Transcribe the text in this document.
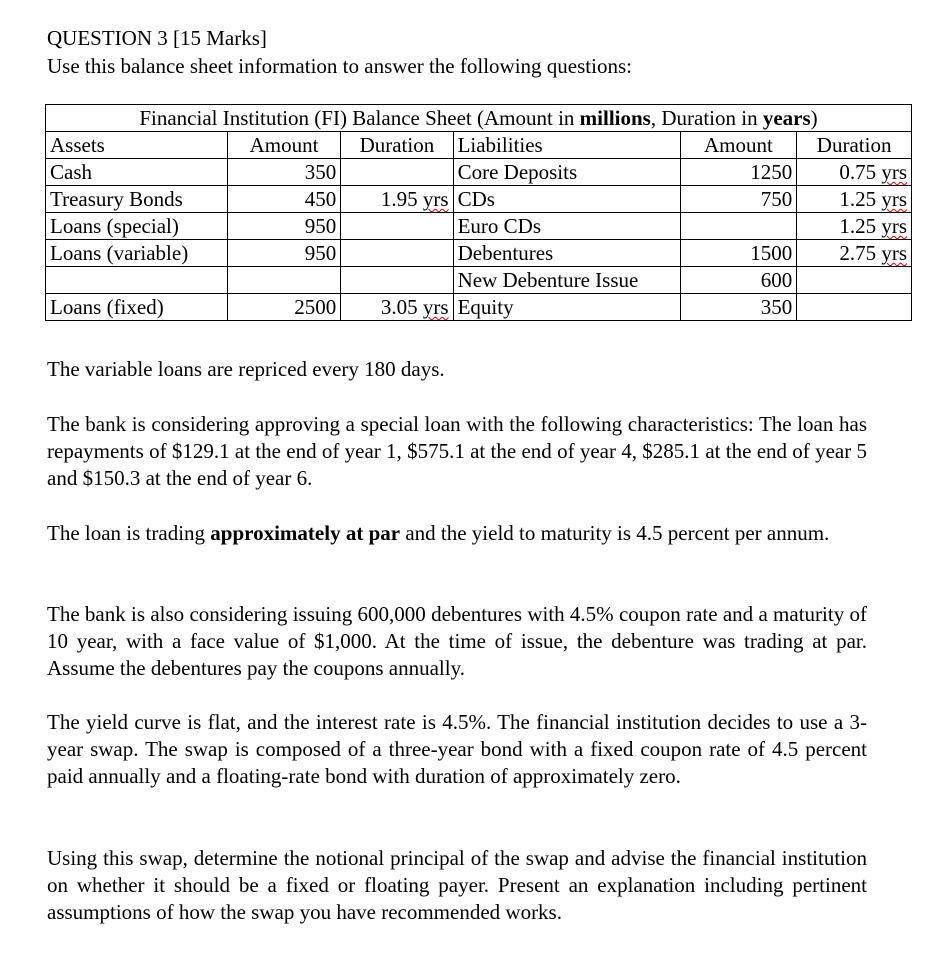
QUESTION 3 [15 Marks]

Use this balance sheet information to answer the following questions:

Financial Institution (FI) Balance Sheet (Amount in millions, Duration in years)					
Assets	Amount	Duration	Liabilities	Amount	Duration
Cash	350		Core Deposits	1250	0.75 yrs
Treasury Bonds	450	1.95 yrs	CDs	750	1.25 yrs
Loans (special)	950		Euro CDs		1.25 yrs
Loans (variable)	950		Debentures	1500	2.75 yrs
			New Debenture Issue	600	
Loans (fixed)	2500	3.05 yrs	Equity	350	

The variable loans are repriced every 180 days.

The bank is considering approving a special loan with the following characteristics: The loan has repayments of $129.1 at the end of year 1, $575.1 at the end of year 4, $285.1 at the end of year 5 and $150.3 at the end of year 6.

The loan is trading approximately at par and the yield to maturity is 4.5 percent per annum.

The bank is also considering issuing 600,000 debentures with 4.5% coupon rate and a maturity of 10 year, with a face value of $1,000. At the time of issue, the debenture was trading at par. Assume the debentures pay the coupons annually.

The yield curve is flat, and the interest rate is 4.5%. The financial institution decides to use a 3-year swap. The swap is composed of a three-year bond with a fixed coupon rate of 4.5 percent paid annually and a floating-rate bond with duration of approximately zero.

Using this swap, determine the notional principal of the swap and advise the financial institution on whether it should be a fixed or floating payer. Present an explanation including pertinent assumptions of how the swap you have recommended works.
